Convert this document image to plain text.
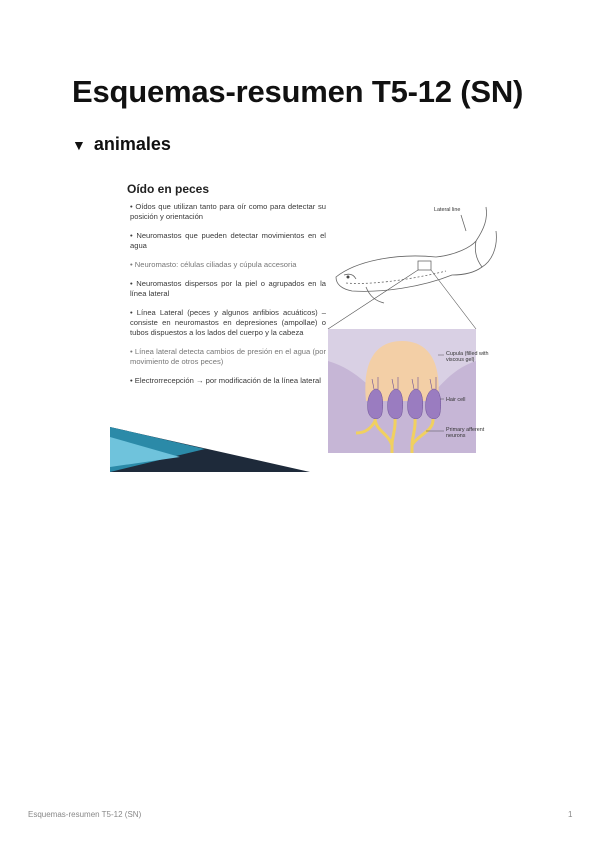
Esquemas-resumen T5-12 (SN)
▼ animales
Oído en peces
• Oídos que utilizan tanto para oír como para detectar su posición y orientación
• Neuromastos que pueden detectar movimientos en el agua
• Neuromasto: células ciliadas y cúpula accesoria
• Neuromastos dispersos por la piel o agrupados en la línea lateral
• Línea Lateral (peces y algunos anfibios acuáticos) – consiste en neuromastos en depresiones (ampollae) o tubos dispuestos a los lados del cuerpo y la cabeza
• Línea lateral detecta cambios de presión en el agua (por movimiento de otros peces)
• Electrorrecepción → por modificación de la línea lateral
Lateral line
Cupula (filled with viscous gel)
Hair cell
Primary afferent neurons
Esquemas-resumen T5-12 (SN)	1
